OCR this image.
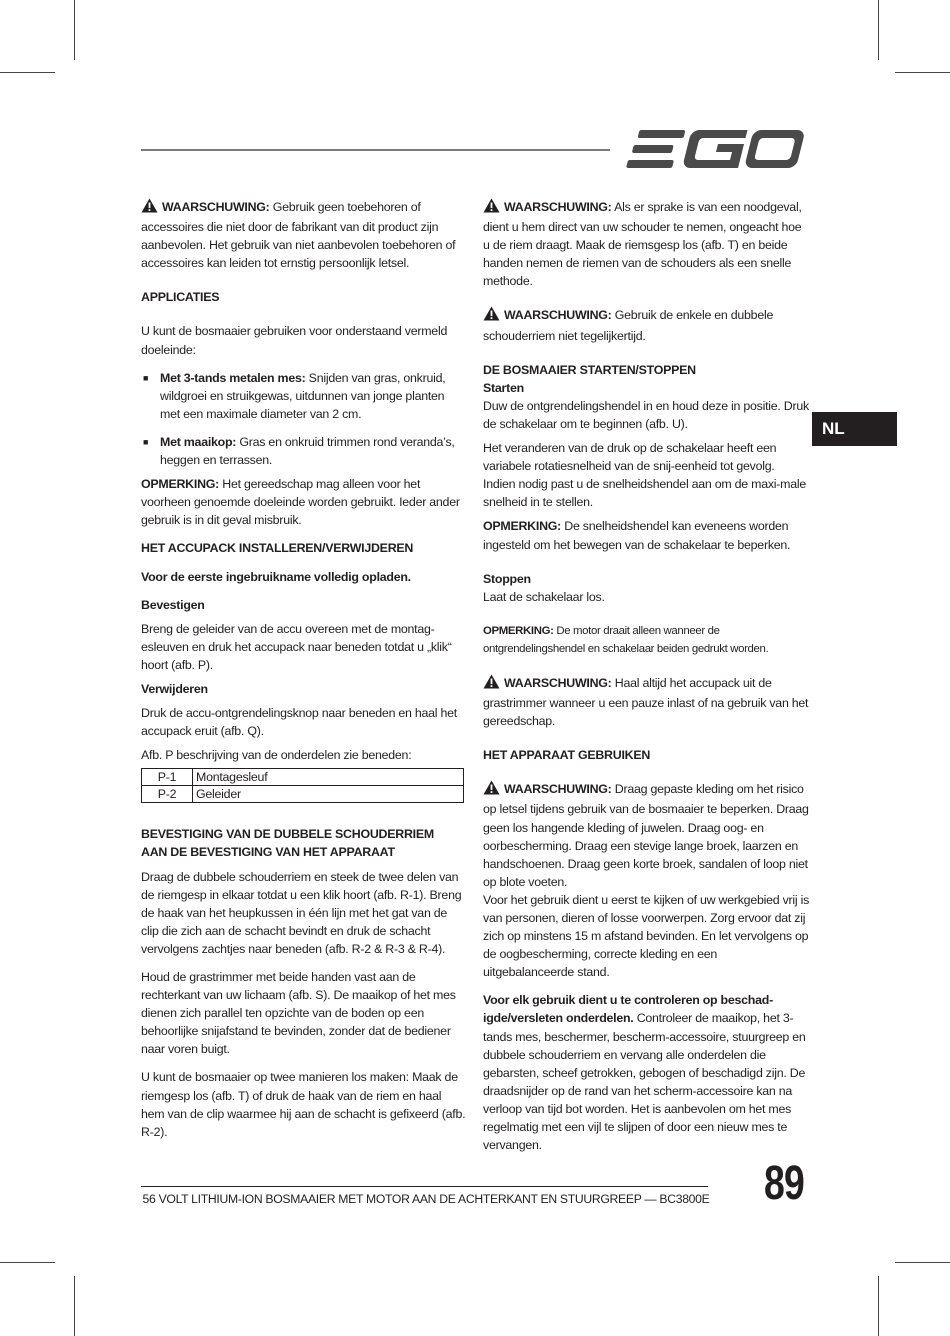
NL

WAARSCHUWING: Gebruik geen toebehoren of accessoires die niet door de fabrikant van dit product zijn aanbevolen. Het gebruik van niet aanbevolen toebehoren of accessoires kan leiden tot ernstig persoonlijk letsel.

APPLICATIES

U kunt de bosmaaier gebruiken voor onderstaand vermeld doeleinde:

■ Met 3-tands metalen mes: Snijden van gras, onkruid, wildgroei en struikgewas, uitdunnen van jonge planten met een maximale diameter van 2 cm.

■ Met maaikop: Gras en onkruid trimmen rond veranda’s, heggen en terrassen.

OPMERKING: Het gereedschap mag alleen voor het voorheen genoemde doeleinde worden gebruikt. Ieder ander gebruik is in dit geval misbruik.

HET ACCUPACK INSTALLEREN/VERWIJDEREN

Voor de eerste ingebruikname volledig opladen.

Bevestigen

Breng de geleider van de accu overeen met de montag-esleuven en druk het accupack naar beneden totdat u „klik“ hoort (afb. P).

Verwijderen

Druk de accu-ontgrendelingsknop naar beneden en haal het accupack eruit (afb. Q).

Afb. P beschrijving van de onderdelen zie beneden:

P-1	Montagesleuf
P-2	Geleider

BEVESTIGING VAN DE DUBBELE SCHOUDERRIEM
AAN DE BEVESTIGING VAN HET APPARAAT

Draag de dubbele schouderriem en steek de twee delen van de riemgesp in elkaar totdat u een klik hoort (afb. R-1). Breng de haak van het heupkussen in één lijn met het gat van de clip die zich aan de schacht bevindt en druk de schacht vervolgens zachtjes naar beneden (afb. R-2 & R-3 & R-4).

Houd de grastrimmer met beide handen vast aan de rechterkant van uw lichaam (afb. S). De maaikop of het mes dienen zich parallel ten opzichte van de boden op een behoorlijke snijafstand te bevinden, zonder dat de bediener naar voren buigt.

U kunt de bosmaaier op twee manieren los maken: Maak de riemgesp los (afb. T) of druk de haak van de riem en haal hem van de clip waarmee hij aan de schacht is gefixeerd (afb. R-2).

WAARSCHUWING: Als er sprake is van een noodgeval, dient u hem direct van uw schouder te nemen, ongeacht hoe u de riem draagt. Maak de riemsgesp los (afb. T) en beide handen nemen de riemen van de schouders als een snelle methode.

WAARSCHUWING: Gebruik de enkele en dubbele schouderriem niet tegelijkertijd.

DE BOSMAAIER STARTEN/STOPPEN

Starten

Duw de ontgrendelingshendel in en houd deze in positie. Druk de schakelaar om te beginnen (afb. U).

Het veranderen van de druk op de schakelaar heeft een variabele rotatiesnelheid van de snij-eenheid tot gevolg. Indien nodig past u de snelheidshendel aan om de maxi-male snelheid in te stellen.

OPMERKING: De snelheidshendel kan eveneens worden ingesteld om het bewegen van de schakelaar te beperken.

Stoppen

Laat de schakelaar los.

OPMERKING: De motor draait alleen wanneer de ontgrendelingshendel en schakelaar beiden gedrukt worden.

WAARSCHUWING: Haal altijd het accupack uit de grastrimmer wanneer u een pauze inlast of na gebruik van het gereedschap.

HET APPARAAT GEBRUIKEN

WAARSCHUWING: Draag gepaste kleding om het risico op letsel tijdens gebruik van de bosmaaier te beperken. Draag geen los hangende kleding of juwelen. Draag oog- en oorbescherming. Draag een stevige lange broek, laarzen en handschoenen. Draag geen korte broek, sandalen of loop niet op blote voeten.

Voor het gebruik dient u eerst te kijken of uw werkgebied vrij is van personen, dieren of losse voorwerpen. Zorg ervoor dat zij zich op minstens 15 m afstand bevinden. En let vervolgens op de oogbescherming, correcte kleding en een uitgebalanceerde stand.

Voor elk gebruik dient u te controleren op beschad-igde/versleten onderdelen. Controleer de maaikop, het 3-tands mes, beschermer, bescherm-accessoire, stuurgreep en dubbele schouderriem en vervang alle onderdelen die gebarsten, scheef getrokken, gebogen of beschadigd zijn. De draadsnijder op de rand van het scherm-accessoire kan na verloop van tijd bot worden. Het is aanbevolen om het mes regelmatig met een vijl te slijpen of door een nieuw mes te vervangen.

56 VOLT LITHIUM-ION BOSMAAIER MET MOTOR AAN DE ACHTERKANT EN STUURGREEP — BC3800E 89
